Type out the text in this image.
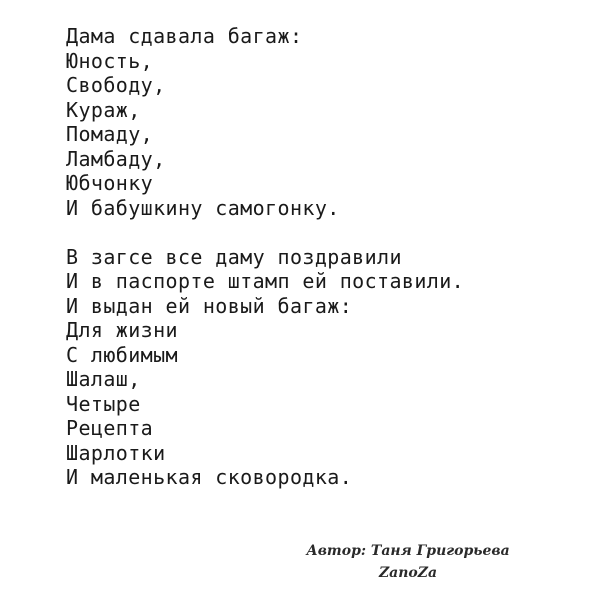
Дама сдавала багаж:
Юность,
Свободу,
Кураж,
Помаду,
Ламбаду,
Юбчонку
И бабушкину самогонку.
В загсе все даму поздравили
И в паспорте штамп ей поставили.
И выдан ей новый багаж:
Для жизни
С любимым
Шалаш,
Четыре
Рецепта
Шарлотки
И маленькая сковородка.
Автор: Таня Григорьева
ZanoZa
